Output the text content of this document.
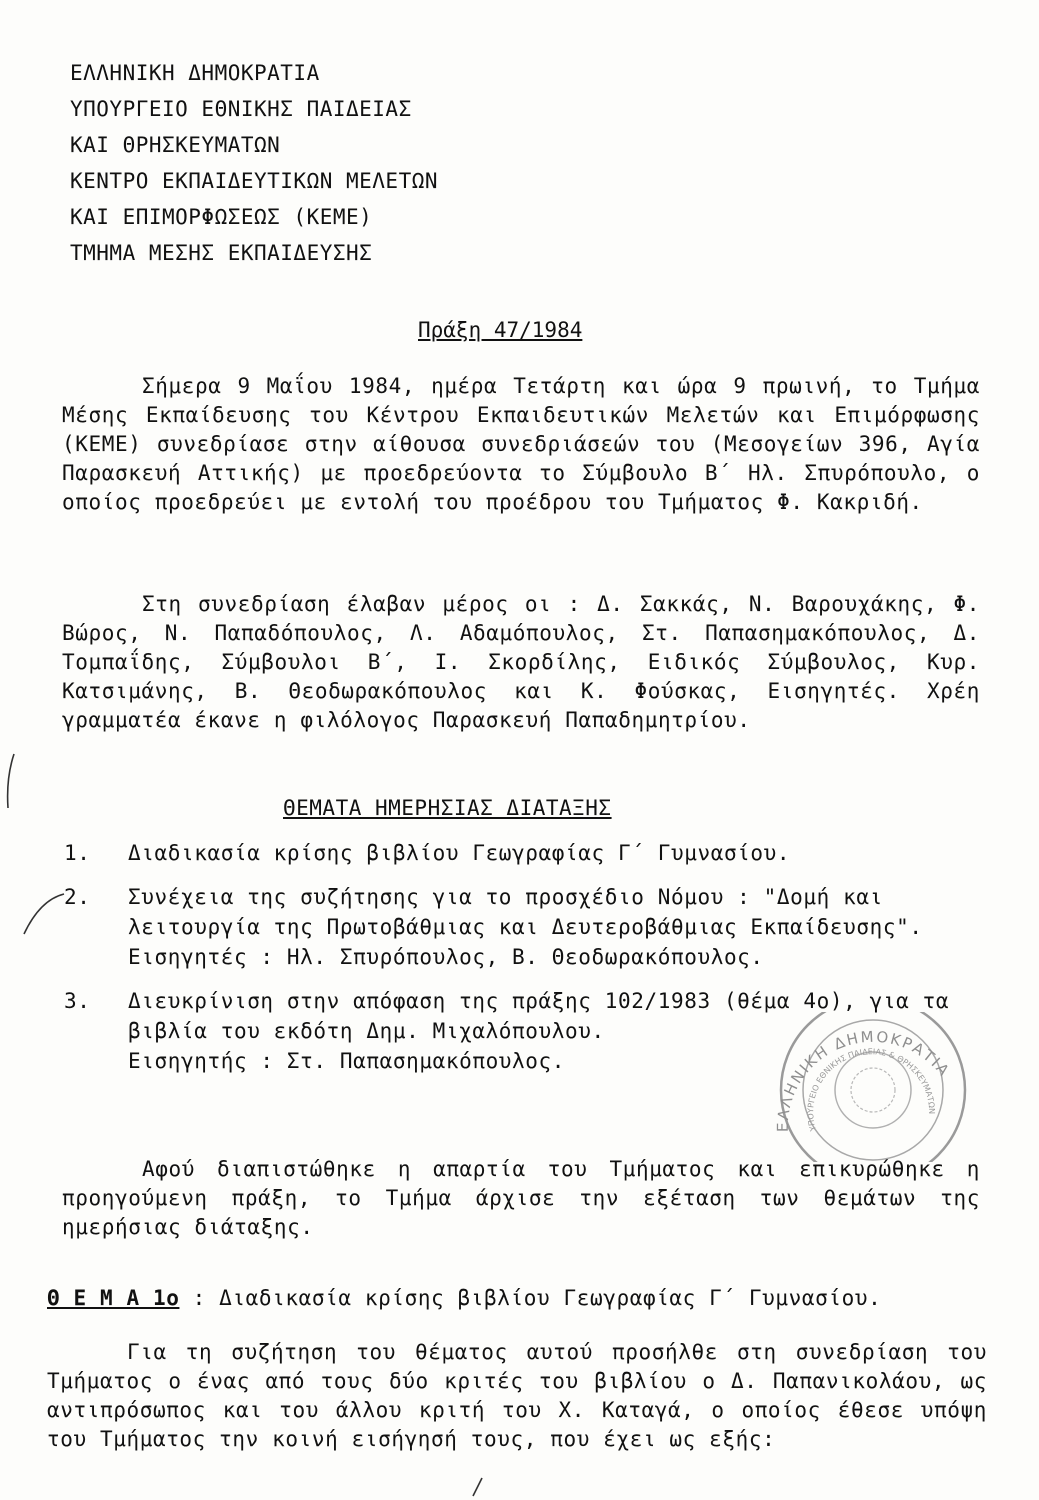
ΕΛΛΗΝΙΚΗ ΔΗΜΟΚΡΑΤΙΑ
ΥΠΟΥΡΓΕΙΟ ΕΘΝΙΚΗΣ ΠΑΙΔΕΙΑΣ
ΚΑΙ ΘΡΗΣΚΕΥΜΑΤΩΝ
ΚΕΝΤΡΟ ΕΚΠΑΙΔΕΥΤΙΚΩΝ ΜΕΛΕΤΩΝ
ΚΑΙ ΕΠΙΜΟΡΦΩΣΕΩΣ (ΚΕΜΕ)
ΤΜΗΜΑ ΜΕΣΗΣ ΕΚΠΑΙΔΕΥΣΗΣ
Πράξη 47/1984
Σήμερα 9 Μαΐου 1984, ημέρα Τετάρτη και ώρα 9 πρωινή, το Τμήμα Μέσης Εκπαίδευσης του Κέντρου Εκπαιδευτικών Μελετών και Επιμόρφωσης (ΚΕΜΕ) συνεδρίασε στην αίθουσα συνεδριάσεών του (Μεσογείων 396, Αγία Παρασκευή Αττικής) με προεδρεύοντα το Σύμβουλο Β΄ Ηλ. Σπυρόπουλο, ο οποίος προεδρεύει με εντολή του προέδρου του Τμήματος Φ. Κακριδή.
Στη συνεδρίαση έλαβαν μέρος οι : Δ. Σακκάς, Ν. Βαρουχάκης, Φ. Βώρος, Ν. Παπαδόπουλος, Λ. Αδαμόπουλος, Στ. Παπασημακόπουλος, Δ. Τομπαΐδης, Σύμβουλοι Β΄, Ι. Σκορδίλης, Ειδικός Σύμβουλος, Κυρ. Κατσιμάνης, Β. Θεοδωρακόπουλος και Κ. Φούσκας, Εισηγητές. Χρέη γραμματέα έκανε η φιλόλογος Παρασκευή Παπαδημητρίου.
ΘΕΜΑΤΑ ΗΜΕΡΗΣΙΑΣ ΔΙΑΤΑΞΗΣ
1.	Διαδικασία κρίσης βιβλίου Γεωγραφίας Γ΄ Γυμνασίου.
2.	Συνέχεια της συζήτησης για το προσχέδιο Νόμου : "Δομή και λειτουργία της Πρωτοβάθμιας και Δευτεροβάθμιας Εκπαίδευσης".
Εισηγητές : Ηλ. Σπυρόπουλος, Β. Θεοδωρακόπουλος.
3.	Διευκρίνιση στην απόφαση της πράξης 102/1983 (θέμα 4ο), για τα βιβλία του εκδότη Δημ. Μιχαλόπουλου.
Εισηγητής : Στ. Παπασημακόπουλος.
Αφού διαπιστώθηκε η απαρτία του Τμήματος και επικυρώθηκε η προηγούμενη πράξη, το Τμήμα άρχισε την εξέταση των θεμάτων της ημερήσιας διάταξης.
Θ Ε Μ Α 1ο : Διαδικασία κρίσης βιβλίου Γεωγραφίας Γ΄ Γυμνασίου.
Για τη συζήτηση του θέματος αυτού προσήλθε στη συνεδρίαση του Τμήματος ο ένας από τους δύο κριτές του βιβλίου ο Δ. Παπανικολάου, ως αντιπρόσωπος και του άλλου κριτή του Χ. Καταγά, ο οποίος έθεσε υπόψη του Τμήματος την κοινή εισήγησή τους, που έχει ως εξής:
ΕΛΛΗΝΙΚΗ ΔΗΜΟΚΡΑΤΙΑ
ΥΠΟΥΡΓΕΙΟ ΕΘΝΙΚΗΣ ΠΑΙΔΕΙΑΣ & ΘΡΗΣΚΕΥΜΑΤΩΝ
